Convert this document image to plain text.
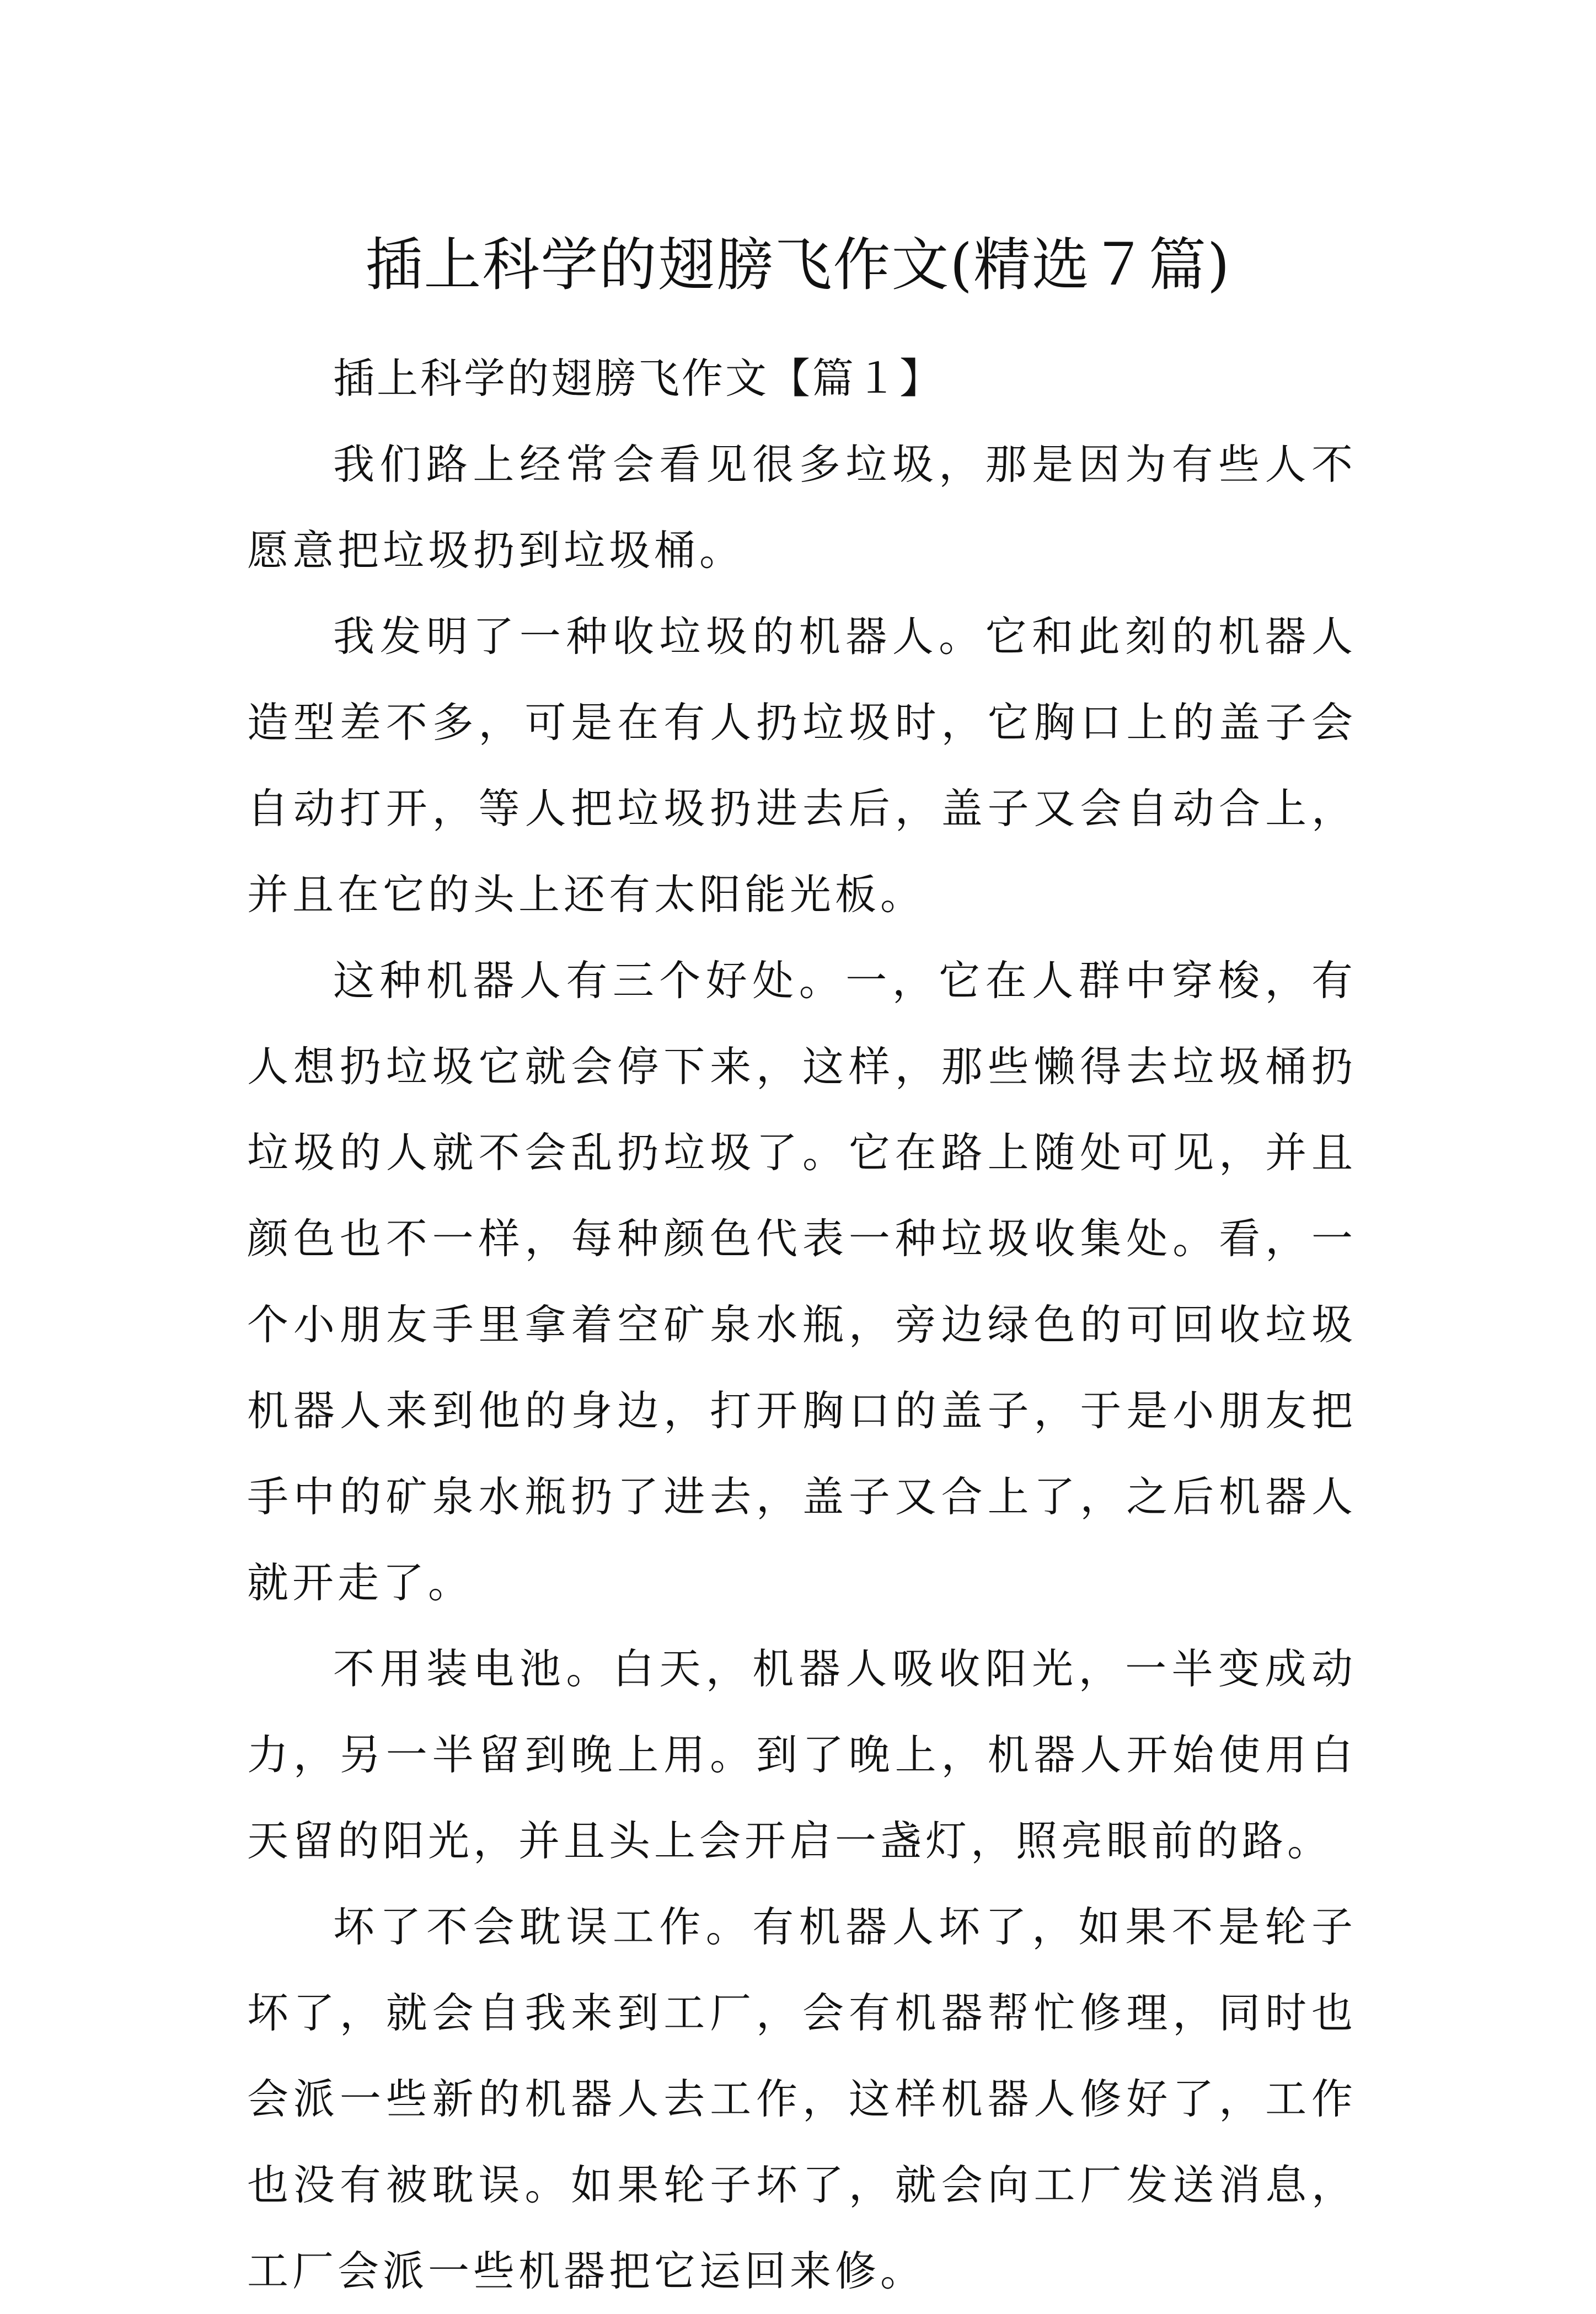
插上科学的翅膀飞作文(精选７篇)

插上科学的翅膀飞作文【篇１】

我们路上经常会看见很多垃圾，那是因为有些人不愿意把垃圾扔到垃圾桶。

我发明了一种收垃圾的机器人。它和此刻的机器人造型差不多，可是在有人扔垃圾时，它胸口上的盖子会自动打开，等人把垃圾扔进去后，盖子又会自动合上，并且在它的头上还有太阳能光板。

这种机器人有三个好处。一，它在人群中穿梭，有人想扔垃圾它就会停下来，这样，那些懒得去垃圾桶扔垃圾的人就不会乱扔垃圾了。它在路上随处可见，并且颜色也不一样，每种颜色代表一种垃圾收集处。看，一个小朋友手里拿着空矿泉水瓶，旁边绿色的可回收垃圾机器人来到他的身边，打开胸口的盖子，于是小朋友把手中的矿泉水瓶扔了进去，盖子又合上了，之后机器人就开走了。

不用装电池。白天，机器人吸收阳光，一半变成动力，另一半留到晚上用。到了晚上，机器人开始使用白天留的阳光，并且头上会开启一盏灯，照亮眼前的路。

坏了不会耽误工作。有机器人坏了，如果不是轮子坏了，就会自我来到工厂，会有机器帮忙修理，同时也会派一些新的机器人去工作，这样机器人修好了，工作也没有被耽误。如果轮子坏了，就会向工厂发送消息，工厂会派一些机器把它运回来修。
